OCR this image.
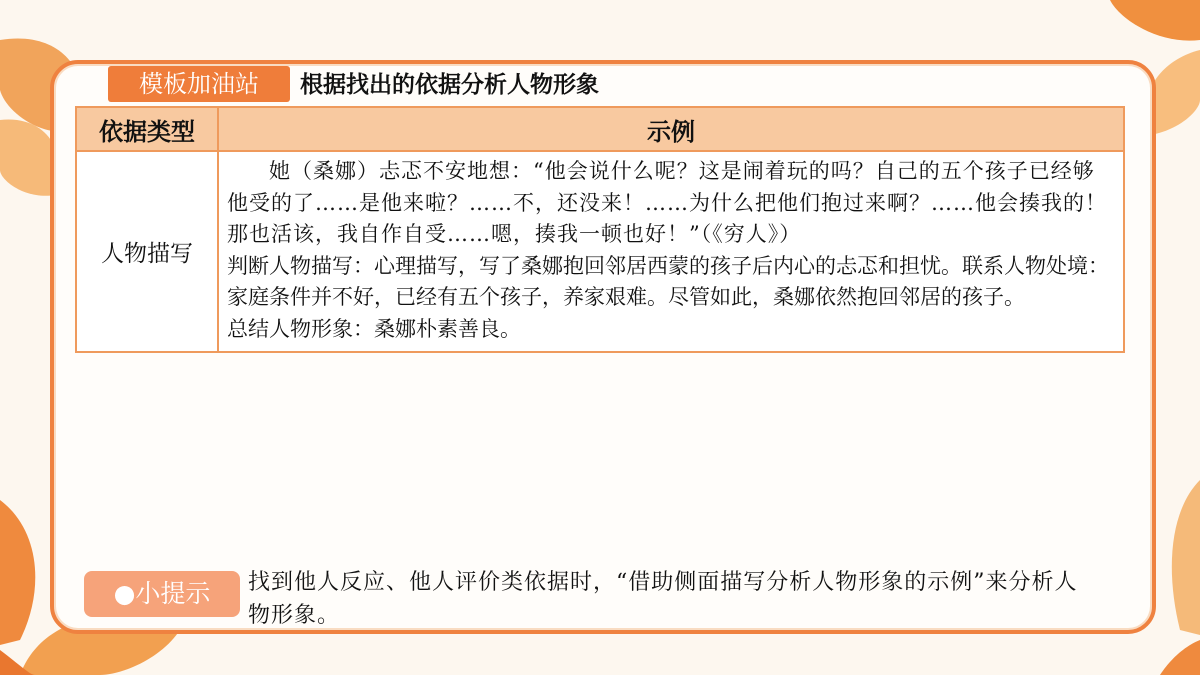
模板加油站	根据找出的依据分析人物形象
依据类型	示例
人物描写	她（桑娜）忐忑不安地想：“他会说什么呢？这是闹着玩的吗？自己的五个孩子已经够他受的了……是他来啦？……不，还没来！……为什么把他们抱过来啊？……他会揍我的！那也活该，我自作自受……嗯，揍我一顿也好！”（《穷人》）

判断人物描写：心理描写，写了桑娜抱回邻居西蒙的孩子后内心的忐忑和担忧。联系人物处境：家庭条件并不好，已经有五个孩子，养家艰难。尽管如此，桑娜依然抱回邻居的孩子。

总结人物形象：桑娜朴素善良。

●小提示	找到他人反应、他人评价类依据时，“借助侧面描写分析人物形象的示例”来分析人物形象。
